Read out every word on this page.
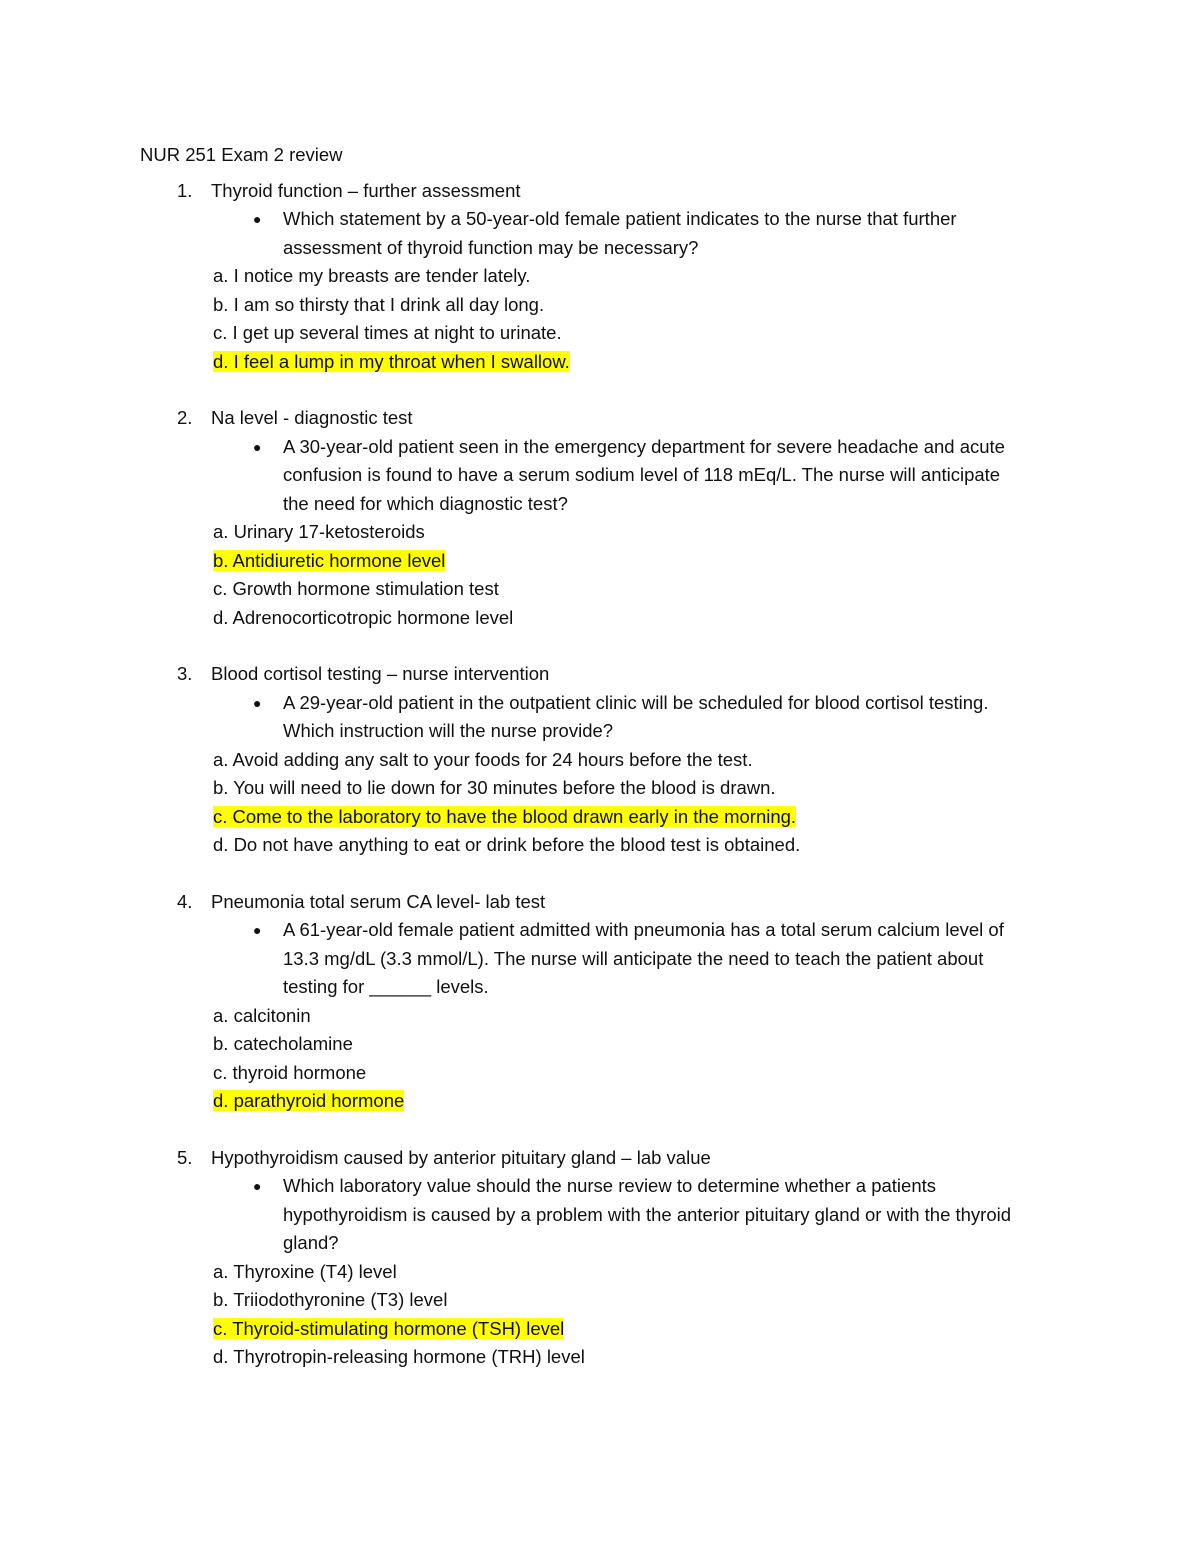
NUR 251 Exam 2 review
1.	Thyroid function – further assessment
●	Which statement by a 50-year-old female patient indicates to the nurse that further assessment of thyroid function may be necessary?
a. I notice my breasts are tender lately.
b. I am so thirsty that I drink all day long.
c. I get up several times at night to urinate.
d. I feel a lump in my throat when I swallow.
2.	Na level - diagnostic test
●	A 30-year-old patient seen in the emergency department for severe headache and acute confusion is found to have a serum sodium level of 118 mEq/L. The nurse will anticipate the need for which diagnostic test?
a. Urinary 17-ketosteroids
b. Antidiuretic hormone level
c. Growth hormone stimulation test
d. Adrenocorticotropic hormone level
3.	Blood cortisol testing – nurse intervention
●	A 29-year-old patient in the outpatient clinic will be scheduled for blood cortisol testing. Which instruction will the nurse provide?
a. Avoid adding any salt to your foods for 24 hours before the test.
b. You will need to lie down for 30 minutes before the blood is drawn.
c. Come to the laboratory to have the blood drawn early in the morning.
d. Do not have anything to eat or drink before the blood test is obtained.
4.	Pneumonia total serum CA level- lab test
●	A 61-year-old female patient admitted with pneumonia has a total serum calcium level of 13.3 mg/dL (3.3 mmol/L). The nurse will anticipate the need to teach the patient about testing for ______ levels.
a. calcitonin
b. catecholamine
c. thyroid hormone
d. parathyroid hormone
5.	Hypothyroidism caused by anterior pituitary gland – lab value
●	Which laboratory value should the nurse review to determine whether a patients hypothyroidism is caused by a problem with the anterior pituitary gland or with the thyroid gland?
a. Thyroxine (T4) level
b. Triiodothyronine (T3) level
c. Thyroid-stimulating hormone (TSH) level
d. Thyrotropin-releasing hormone (TRH) level
